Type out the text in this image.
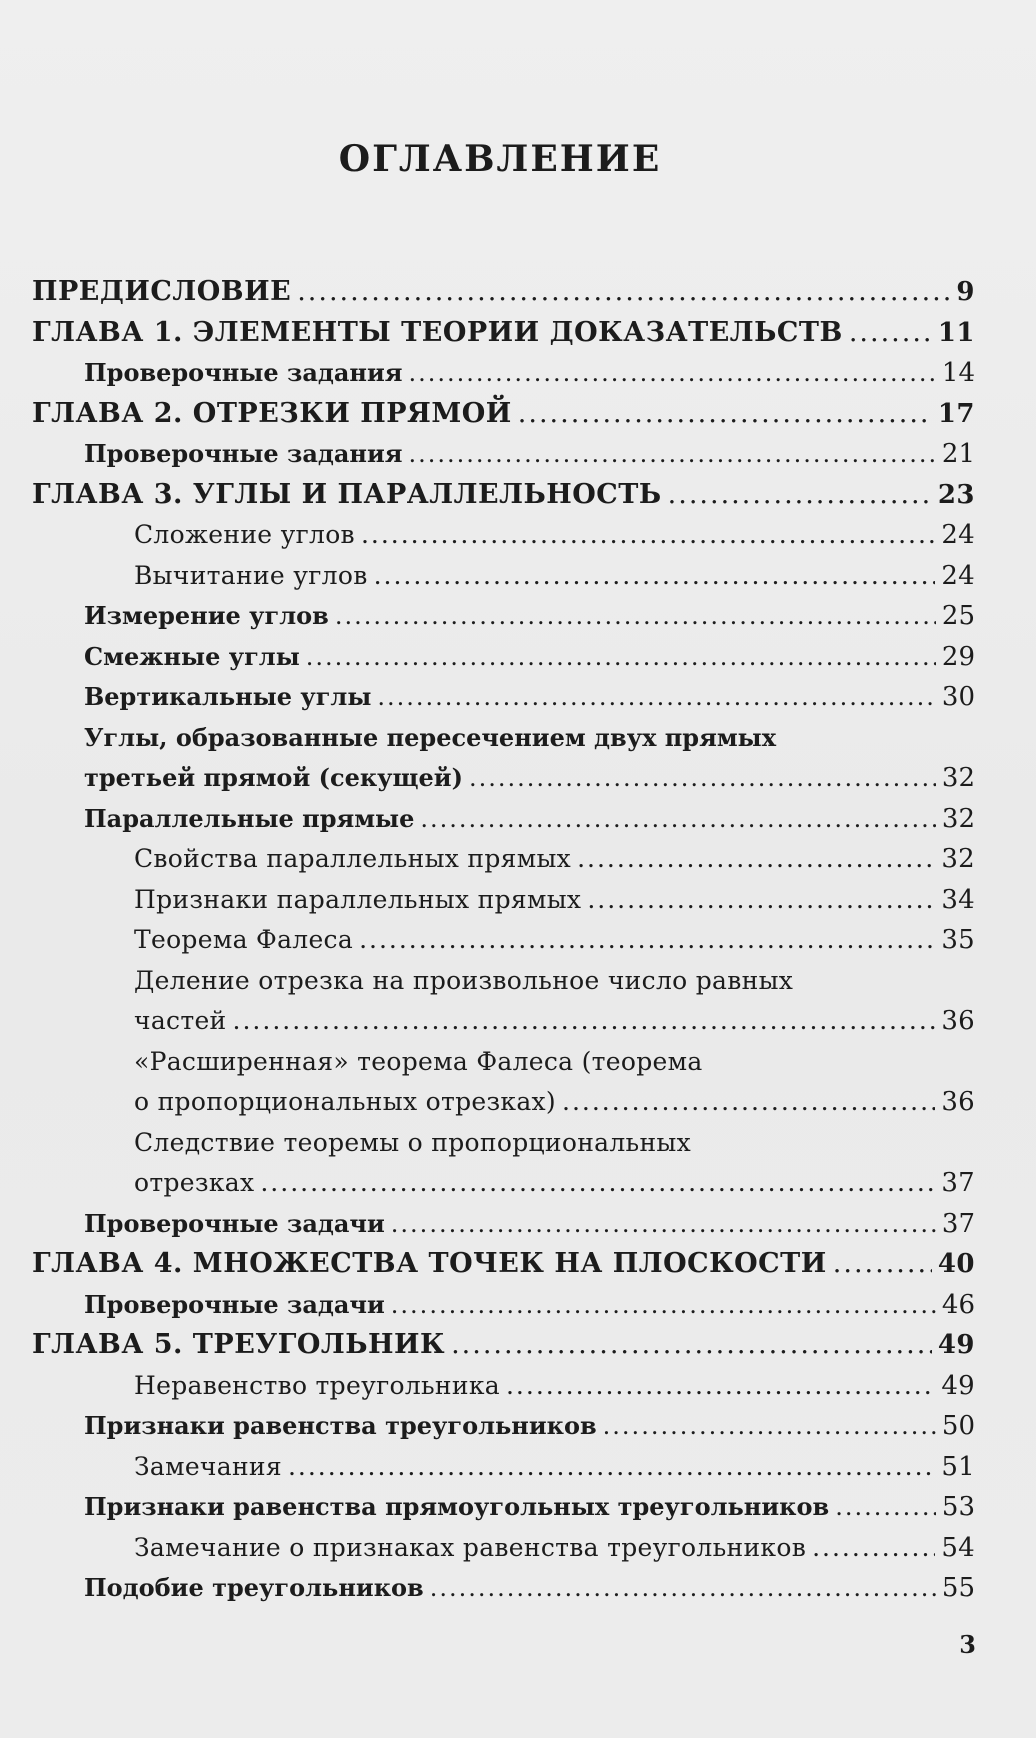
ОГЛАВЛЕНИЕ
ПРЕДИСЛОВИЕ .....	9
ГЛАВА 1. ЭЛЕМЕНТЫ ТЕОРИИ ДОКАЗАТЕЛЬСТВ .....	11
Проверочные задания .....	14
ГЛАВА 2. ОТРЕЗКИ ПРЯМОЙ .....	17
Проверочные задания .....	21
ГЛАВА 3. УГЛЫ И ПАРАЛЛЕЛЬНОСТЬ .....	23
Сложение углов .....	24
Вычитание углов .....	24
Измерение углов .....	25
Смежные углы .....	29
Вертикальные углы .....	30
Углы, образованные пересечением двух прямых
третьей прямой (секущей) .....	32
Параллельные прямые .....	32
Свойства параллельных прямых .....	32
Признаки параллельных прямых .....	34
Теорема Фалеса .....	35
Деление отрезка на произвольное число равных
частей .....	36
«Расширенная» теорема Фалеса (теорема
о пропорциональных отрезках) .....	36
Следствие теоремы о пропорциональных
отрезках .....	37
Проверочные задачи .....	37
ГЛАВА 4. МНОЖЕСТВА ТОЧЕК НА ПЛОСКОСТИ .....	40
Проверочные задачи .....	46
ГЛАВА 5. ТРЕУГОЛЬНИК .....	49
Неравенство треугольника .....	49
Признаки равенства треугольников .....	50
Замечания .....	51
Признаки равенства прямоугольных треугольников .....	53
Замечание о признаках равенства треугольников .....	54
Подобие треугольников .....	55
3
